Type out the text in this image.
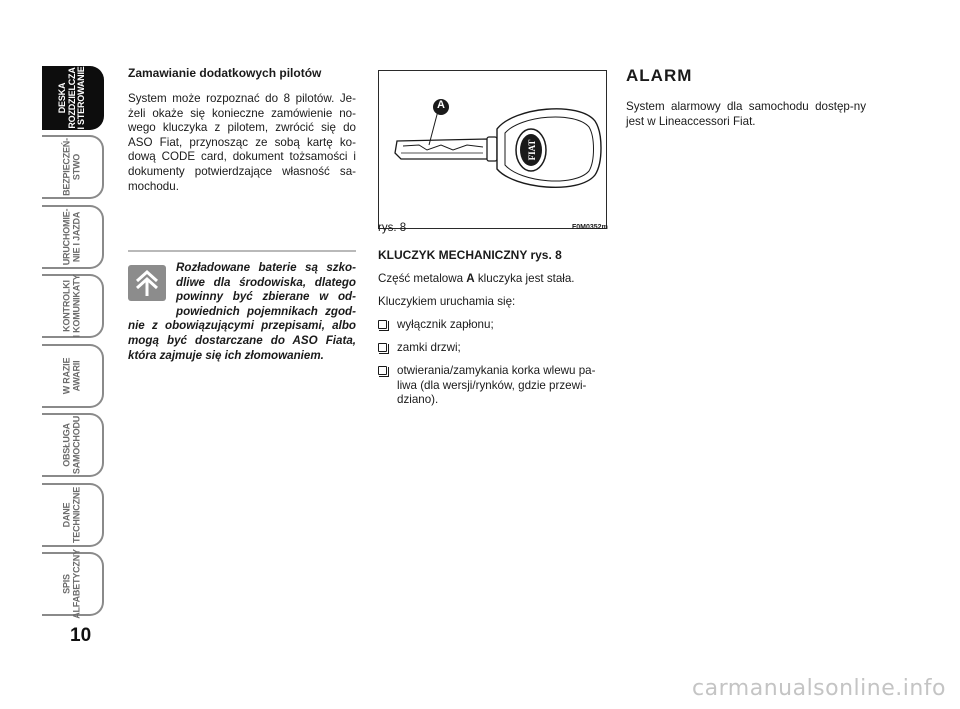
DESKA ROZDZIELCZA I STEROWANIE
BEZPIECZEŃ- STWO
URUCHOMIE- NIE I JAZDA
KONTROLKI I KOMUNIKATY
W RAZIE AWARII
OBSŁUGA SAMOCHODU
DANE TECHNICZNE
SPIS ALFABETYCZNY
10

Zamawianie dodatkowych pilotów

System może rozpoznać do 8 pilotów. Je-żeli okaże się konieczne zamówienie no-wego kluczyka z pilotem, zwrócić się do ASO Fiat, przynosząc ze sobą kartę ko-dową CODE card, dokument tożsamości i dokumenty potwierdzające własność sa-mochodu.

Rozładowane baterie są szko-dliwe dla środowiska, dlatego powinny być zbierane w od-powiednich pojemnikach zgod-nie z obowiązującymi przepisami, albo mogą być dostarczane do ASO Fiata, która zajmuje się ich złomowaniem.

FIAT
A
rys. 8	F0M0352m

KLUCZYK MECHANICZNY rys. 8

Część metalowa A kluczyka jest stała.

Kluczykiem uruchamia się:

wyłącznik zapłonu;
zamki drzwi;
otwierania/zamykania korka wlewu pa-liwa (dla wersji/rynków, gdzie przewi-dziano).

ALARM

System alarmowy dla samochodu dostęp-ny jest w Lineaccessori Fiat.

carmanualsonline.info
